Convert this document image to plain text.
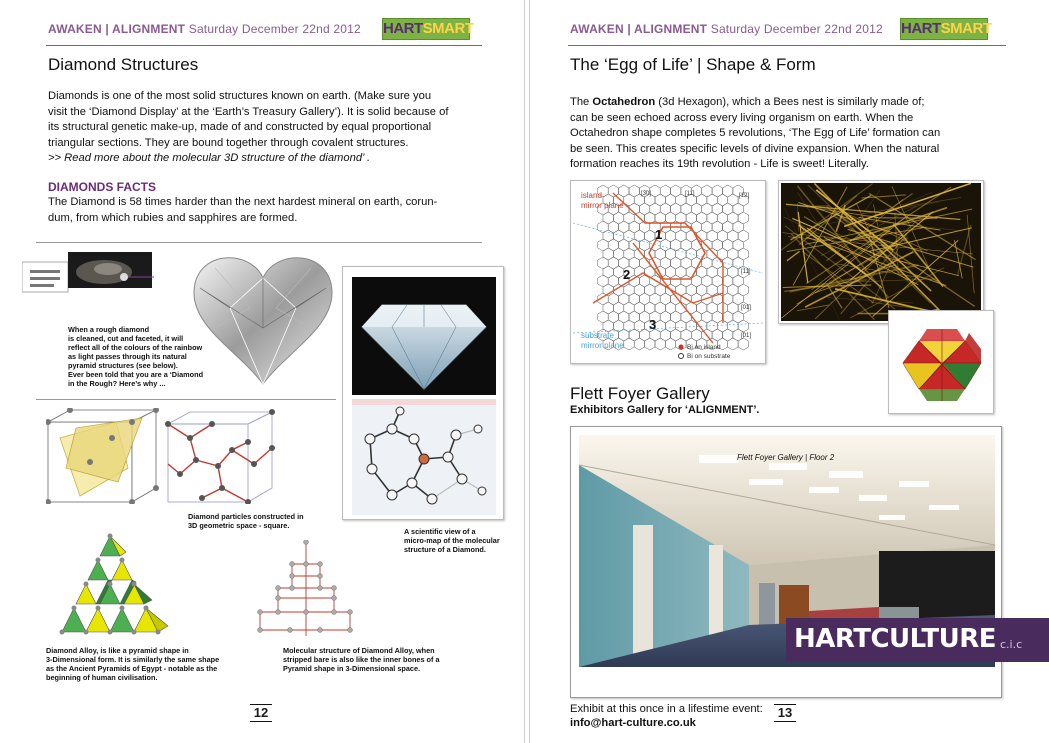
AWAKEN | ALIGNMENT Saturday December 22nd 2012 HARTSMART
Diamond Structures
Diamonds is one of the most solid structures known on earth. (Make sure you
visit the ‘Diamond Display’ at the ‘Earth’s Treasury Gallery’). It is solid because of
its structural genetic make-up, made of and constructed by equal proportional
triangular sections. They are bound together through covalent structures.
>> Read more about the molecular 3D structure of the diamond’ .
DIAMONDS FACTS
The Diamond is 58 times harder than the next hardest mineral on earth, corun-
dum, from which rubies and sapphires are formed.
When a rough diamond
is cleaned, cut and faceted, it will
reflect all of the colours of the rainbow
as light passes through its natural
pyramid structures (see below).
Ever been told that you are a ‘Diamond
in the Rough? Here’s why ...
Diamond particles constructed in
3D geometric space - square.
A scientific view of a
micro-map of the molecular
structure of a Diamond.
Diamond Alloy, is like a pyramid shape in
3-Dimensional form. It is similarly the same shape
as the Ancient Pyramids of Egypt - notable as the
beginning of human civilisation.
Molecular structure of Diamond Alloy, when
stripped bare is also like the inner bones of a
Pyramid shape in 3-Dimensional space.
12
AWAKEN | ALIGNMENT Saturday December 22nd 2012 HARTSMART
The ‘Egg of Life’ | Shape & Form
The Octahedron (3d Hexagon), which a Bees nest is similarly made of;
can be seen echoed across every living organism on earth. When the
Octahedron shape completes 5 revolutions, ‘The Egg of Life’ formation can
be seen. This creates specific levels of divine expansion. When the natural
formation reaches its 19th revolution - Life is sweet! Literally.
island
mirror plane
substrate
mirror plane
1
2
3
[3̄0]	[11̄]	[1̄2]
[11]
[01̄]
[01]
Bi on island
Bi on substrate
Flett Foyer Gallery
Exhibitors Gallery for ‘ALIGNMENT’.
Flett Foyer Gallery | Floor 2
HARTCULTURE c.i.c
Exhibit at this once in a lifestime event:
info@hart-culture.co.uk
13
